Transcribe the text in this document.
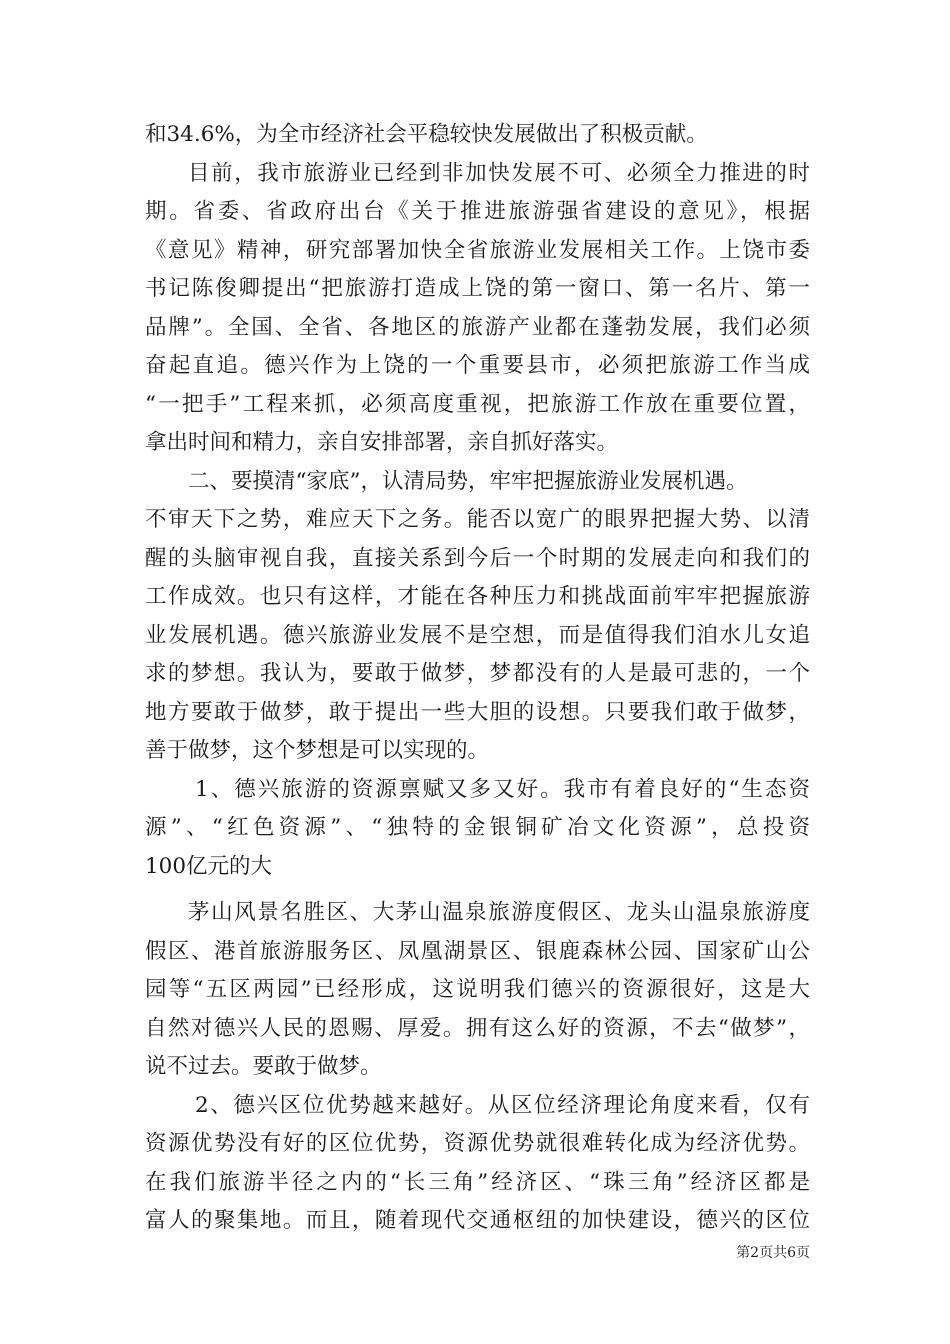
和34.6%，为全市经济社会平稳较快发展做出了积极贡献。
目前，我市旅游业已经到非加快发展不可、必须全力推进的时
期。省委、省政府出台《关于推进旅游强省建设的意见》，根据
《意见》精神，研究部署加快全省旅游业发展相关工作。上饶市委
书记陈俊卿提出“把旅游打造成上饶的第一窗口、第一名片、第一
品牌”。全国、全省、各地区的旅游产业都在蓬勃发展，我们必须
奋起直追。德兴作为上饶的一个重要县市，必须把旅游工作当成
“一把手”工程来抓，必须高度重视，把旅游工作放在重要位置，
拿出时间和精力，亲自安排部署，亲自抓好落实。
二、要摸清“家底”，认清局势，牢牢把握旅游业发展机遇。
不审天下之势，难应天下之务。能否以宽广的眼界把握大势、以清
醒的头脑审视自我，直接关系到今后一个时期的发展走向和我们的
工作成效。也只有这样，才能在各种压力和挑战面前牢牢把握旅游
业发展机遇。德兴旅游业发展不是空想，而是值得我们洎水儿女追
求的梦想。我认为，要敢于做梦，梦都没有的人是最可悲的，一个
地方要敢于做梦，敢于提出一些大胆的设想。只要我们敢于做梦，
善于做梦，这个梦想是可以实现的。
1、德兴旅游的资源禀赋又多又好。我市有着良好的“生态资
源”、“红色资源”、“独特的金银铜矿冶文化资源”，总投资
100亿元的大
茅山风景名胜区、大茅山温泉旅游度假区、龙头山温泉旅游度
假区、港首旅游服务区、凤凰湖景区、银鹿森林公园、国家矿山公
园等“五区两园”已经形成，这说明我们德兴的资源很好，这是大
自然对德兴人民的恩赐、厚爱。拥有这么好的资源，不去“做梦”，
说不过去。要敢于做梦。
2、德兴区位优势越来越好。从区位经济理论角度来看，仅有
资源优势没有好的区位优势，资源优势就很难转化成为经济优势。
在我们旅游半径之内的“长三角”经济区、“珠三角”经济区都是
富人的聚集地。而且，随着现代交通枢纽的加快建设，德兴的区位
第2页共6页
